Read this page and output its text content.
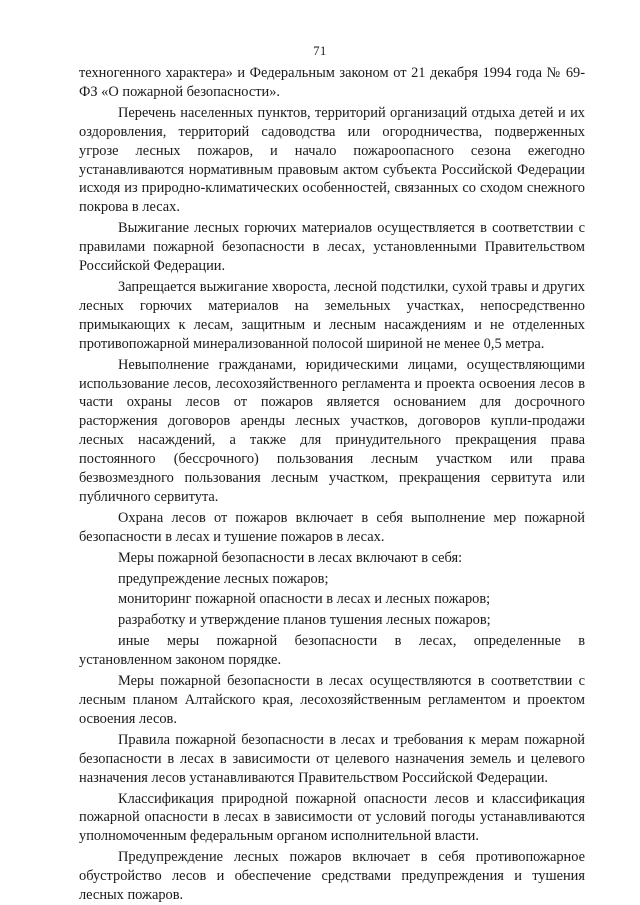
71

техногенного характера» и Федеральным законом от 21 декабря 1994 года № 69-ФЗ «О пожарной безопасности».

Перечень населенных пунктов, территорий организаций отдыха детей и их оздоровления, территорий садоводства или огородничества, подверженных угрозе лесных пожаров, и начало пожароопасного сезона ежегодно устанавливаются нормативным правовым актом субъекта Российской Федерации исходя из природно-климатических особенностей, связанных со сходом снежного покрова в лесах.

Выжигание лесных горючих материалов осуществляется в соответствии с правилами пожарной безопасности в лесах, установленными Правительством Российской Федерации.

Запрещается выжигание хвороста, лесной подстилки, сухой травы и других лесных горючих материалов на земельных участках, непосредственно примыкающих к лесам, защитным и лесным насаждениям и не отделенных противопожарной минерализованной полосой шириной не менее 0,5 метра.

Невыполнение гражданами, юридическими лицами, осуществляющими использование лесов, лесохозяйственного регламента и проекта освоения лесов в части охраны лесов от пожаров является основанием для досрочного расторжения договоров аренды лесных участков, договоров купли-продажи лесных насаждений, а также для принудительного прекращения права постоянного (бессрочного) пользования лесным участком или права безвозмездного пользования лесным участком, прекращения сервитута или публичного сервитута.

Охрана лесов от пожаров включает в себя выполнение мер пожарной безопасности в лесах и тушение пожаров в лесах.

Меры пожарной безопасности в лесах включают в себя:

предупреждение лесных пожаров;

мониторинг пожарной опасности в лесах и лесных пожаров;

разработку и утверждение планов тушения лесных пожаров;

иные меры пожарной безопасности в лесах, определенные в установленном законом порядке.

Меры пожарной безопасности в лесах осуществляются в соответствии с лесным планом Алтайского края, лесохозяйственным регламентом и проектом освоения лесов.

Правила пожарной безопасности в лесах и требования к мерам пожарной безопасности в лесах в зависимости от целевого назначения земель и целевого назначения лесов устанавливаются Правительством Российской Федерации.

Классификация природной пожарной опасности лесов и классификация пожарной опасности в лесах в зависимости от условий погоды устанавливаются уполномоченным федеральным органом исполнительной власти.

Предупреждение лесных пожаров включает в себя противопожарное обустройство лесов и обеспечение средствами предупреждения и тушения лесных пожаров.
